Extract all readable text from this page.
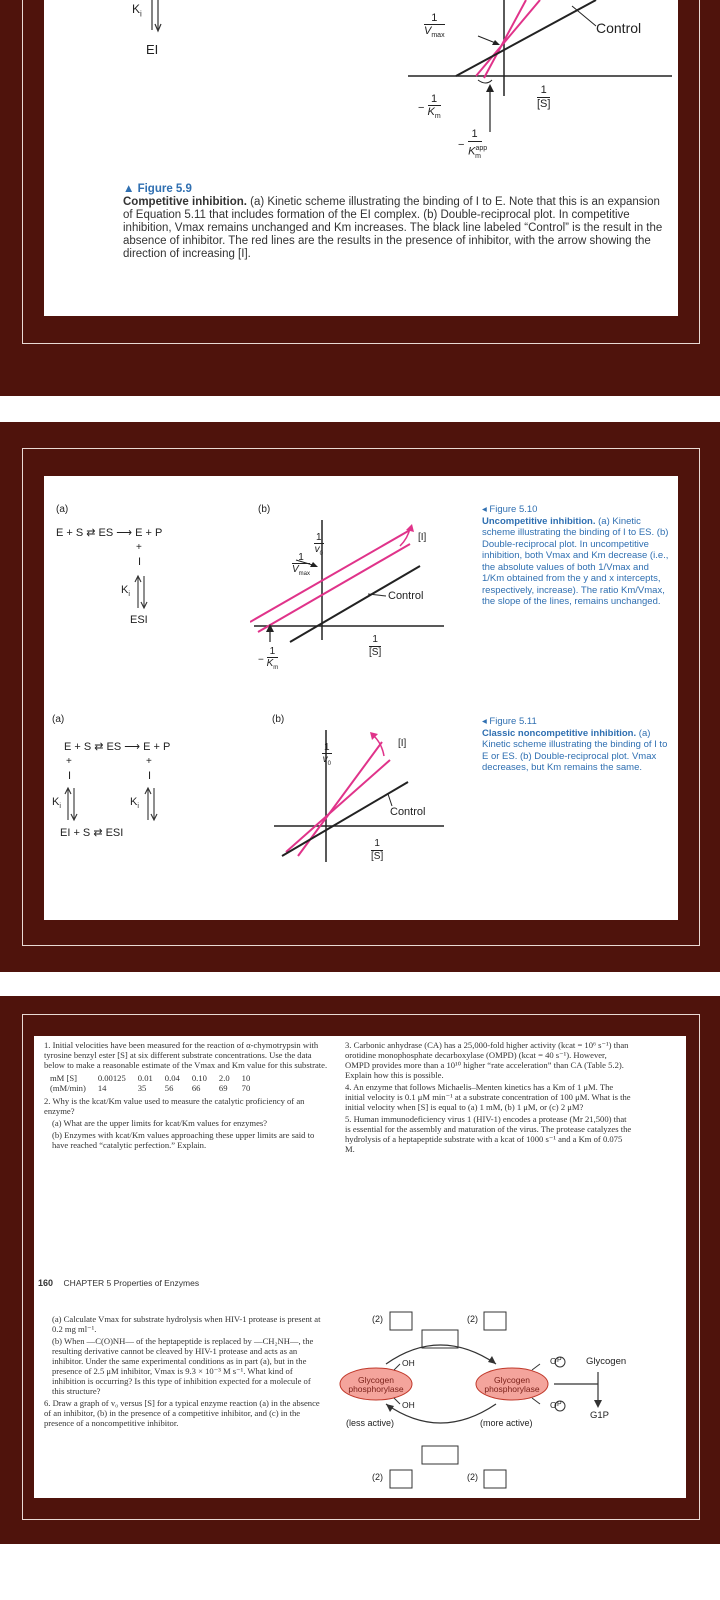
$K_i$
EI
1
$V_{max}$	Control
− $\frac{1}{K_m}$
1
[S]
−
1
$K^{app}_m$
▲ Figure 5.9
Competitive inhibition. (a) Kinetic scheme illustrating the binding of I to E. Note that this is an expansion of Equation 5.11 that includes formation of the EI complex. (b) Double-reciprocal plot. In competitive inhibition, Vmax remains unchanged and Km increases. The black line labeled “Control” is the result in the absence of inhibitor. The red lines are the results in the presence of inhibitor, with the arrow showing the direction of increasing [I].
(a)
E + S ⇄ ES ⟶ E + P
+
I
$K_i$
ESI
(b)
1
$v_0$
1
$V_{max}$
[I]
Control
1
[S]
− $\frac{1}{K_m}$
◂ Figure 5.10
Uncompetitive inhibition. (a) Kinetic scheme illustrating the binding of I to ES. (b) Double-reciprocal plot. In uncompetitive inhibition, both Vmax and Km decrease (i.e., the absolute values of both 1/Vmax and 1/Km obtained from the y and x intercepts, respectively, increase). The ratio Km/Vmax, the slope of the lines, remains unchanged.
(a)
E + S ⇄ ES ⟶ E + P
+	+
I	I
$K_i$	$K_i$
EI + S ⇄ ESI
(b)
1
$v_0$
[I]
Control
1
[S]
◂ Figure 5.11
Classic noncompetitive inhibition. (a) Kinetic scheme illustrating the binding of I to E or ES. (b) Double-reciprocal plot. Vmax decreases, but Km remains the same.

1. Initial velocities have been measured for the reaction of α-chymotrypsin with tyrosine benzyl ester [S] at six different substrate concentrations. Use the data below to make a reasonable estimate of the Vmax and Km value for this substrate.

mM [S]	0.00125	0.01	0.04	0.10	2.0	10
(mM/min)	14	35	56	66	69	70

2. Why is the kcat/Km value used to measure the catalytic proficiency of an enzyme?

(a) What are the upper limits for kcat/Km values for enzymes?

(b) Enzymes with kcat/Km values approaching these upper limits are said to have reached “catalytic perfection.” Explain.

3. Carbonic anhydrase (CA) has a 25,000-fold higher activity (kcat = 10⁶ s⁻¹) than orotidine monophosphate decarboxylase (OMPD) (kcat = 40 s⁻¹). However, OMPD provides more than a 10¹⁰ higher “rate acceleration” than CA (Table 5.2). Explain how this is possible.

4. An enzyme that follows Michaelis–Menten kinetics has a Km of 1 μM. The initial velocity is 0.1 μM min⁻¹ at a substrate concentration of 100 μM. What is the initial velocity when [S] is equal to (a) 1 mM, (b) 1 μM, or (c) 2 μM?

5. Human immunodeficiency virus 1 (HIV-1) encodes a protease (Mr 21,500) that is essential for the assembly and maturation of the virus. The protease catalyzes the hydrolysis of a heptapeptide substrate with a kcat of 1000 s⁻¹ and a Km of 0.075 M.

160 CHAPTER 5 Properties of Enzymes

(a) Calculate Vmax for substrate hydrolysis when HIV-1 protease is present at 0.2 mg ml⁻¹.

(b) When —C(O)NH— of the heptapeptide is replaced by —CH₂NH—, the resulting derivative cannot be cleaved by HIV-1 protease and acts as an inhibitor. Under the same experimental conditions as in part (a), but in the presence of 2.5 μM inhibitor, Vmax is 9.3 × 10⁻³ M s⁻¹. What kind of inhibition is occurring? Is this type of inhibition expected for a molecule of this structure?

6. Draw a graph of v₀ versus [S] for a typical enzyme reaction (a) in the absence of an inhibitor, (b) in the presence of a competitive inhibitor, and (c) in the presence of a noncompetitive inhibitor.

(2)	(2)
OH
OH
Glycogen phosphorylase
Glycogen phosphorylase
O P
O P
Glycogen
G1P
(less active)	(more active)
(2)	(2)
